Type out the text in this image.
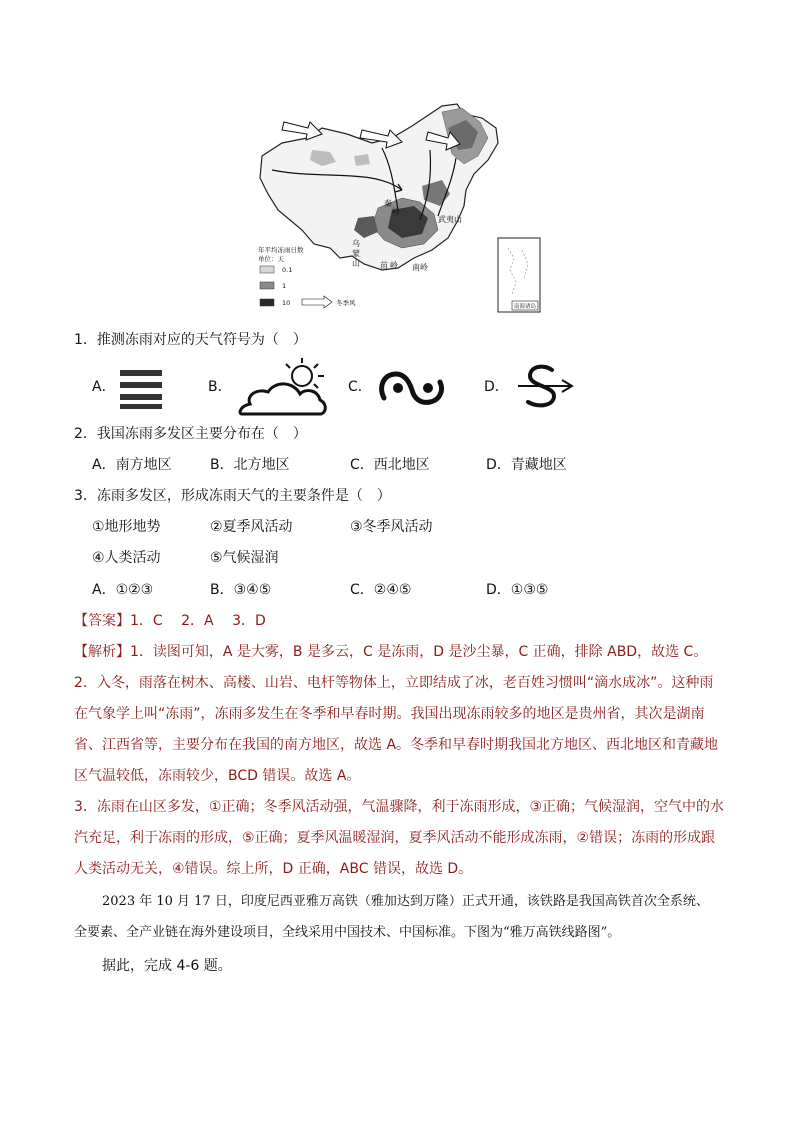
秦
岭
武夷山
乌
蒙
山	苗 岭 南岭
年平均冻雨日数
单位：天
0.1
1
10	冬季风	南海诸岛
1．推测冻雨对应的天气符号为（　）
A．	B．	C．	D．
2．我国冻雨多发区主要分布在（　）
A．南方地区	B．北方地区	C．西北地区	D．青藏地区
3．冻雨多发区，形成冻雨天气的主要条件是（　）
①地形地势	②夏季风活动	③冬季风活动
④人类活动	⑤气候湿润
A．①②③	B．③④⑤	C．②④⑤	D．①③⑤
【答案】1．C　 2．A　 3．D
【解析】1．读图可知，A 是大雾，B 是多云，C 是冻雨，D 是沙尘暴，C 正确，排除 ABD，故选 C。
2．入冬，雨落在树木、高楼、山岩、电杆等物体上，立即结成了冰，老百姓习惯叫“滴水成冰”。这种雨
在气象学上叫“冻雨”，冻雨多发生在冬季和早春时期。我国出现冻雨较多的地区是贵州省，其次是湖南
省、江西省等，主要分布在我国的南方地区，故选 A。冬季和早春时期我国北方地区、西北地区和青藏地
区气温较低，冻雨较少，BCD 错误。故选 A。
3．冻雨在山区多发，①正确；冬季风活动强，气温骤降，利于冻雨形成，③正确；气候湿润，空气中的水
汽充足，利于冻雨的形成，⑤正确；夏季风温暖湿润，夏季风活动不能形成冻雨，②错误；冻雨的形成跟
人类活动无关，④错误。综上所，D 正确，ABC 错误，故选 D。
2023 年 10 月 17 日，印度尼西亚雅万高铁（雅加达到万隆）正式开通，该铁路是我国高铁首次全系统、
全要素、全产业链在海外建设项目，全线采用中国技术、中国标准。下图为“雅万高铁线路图”。
据此，完成 4-6 题。
